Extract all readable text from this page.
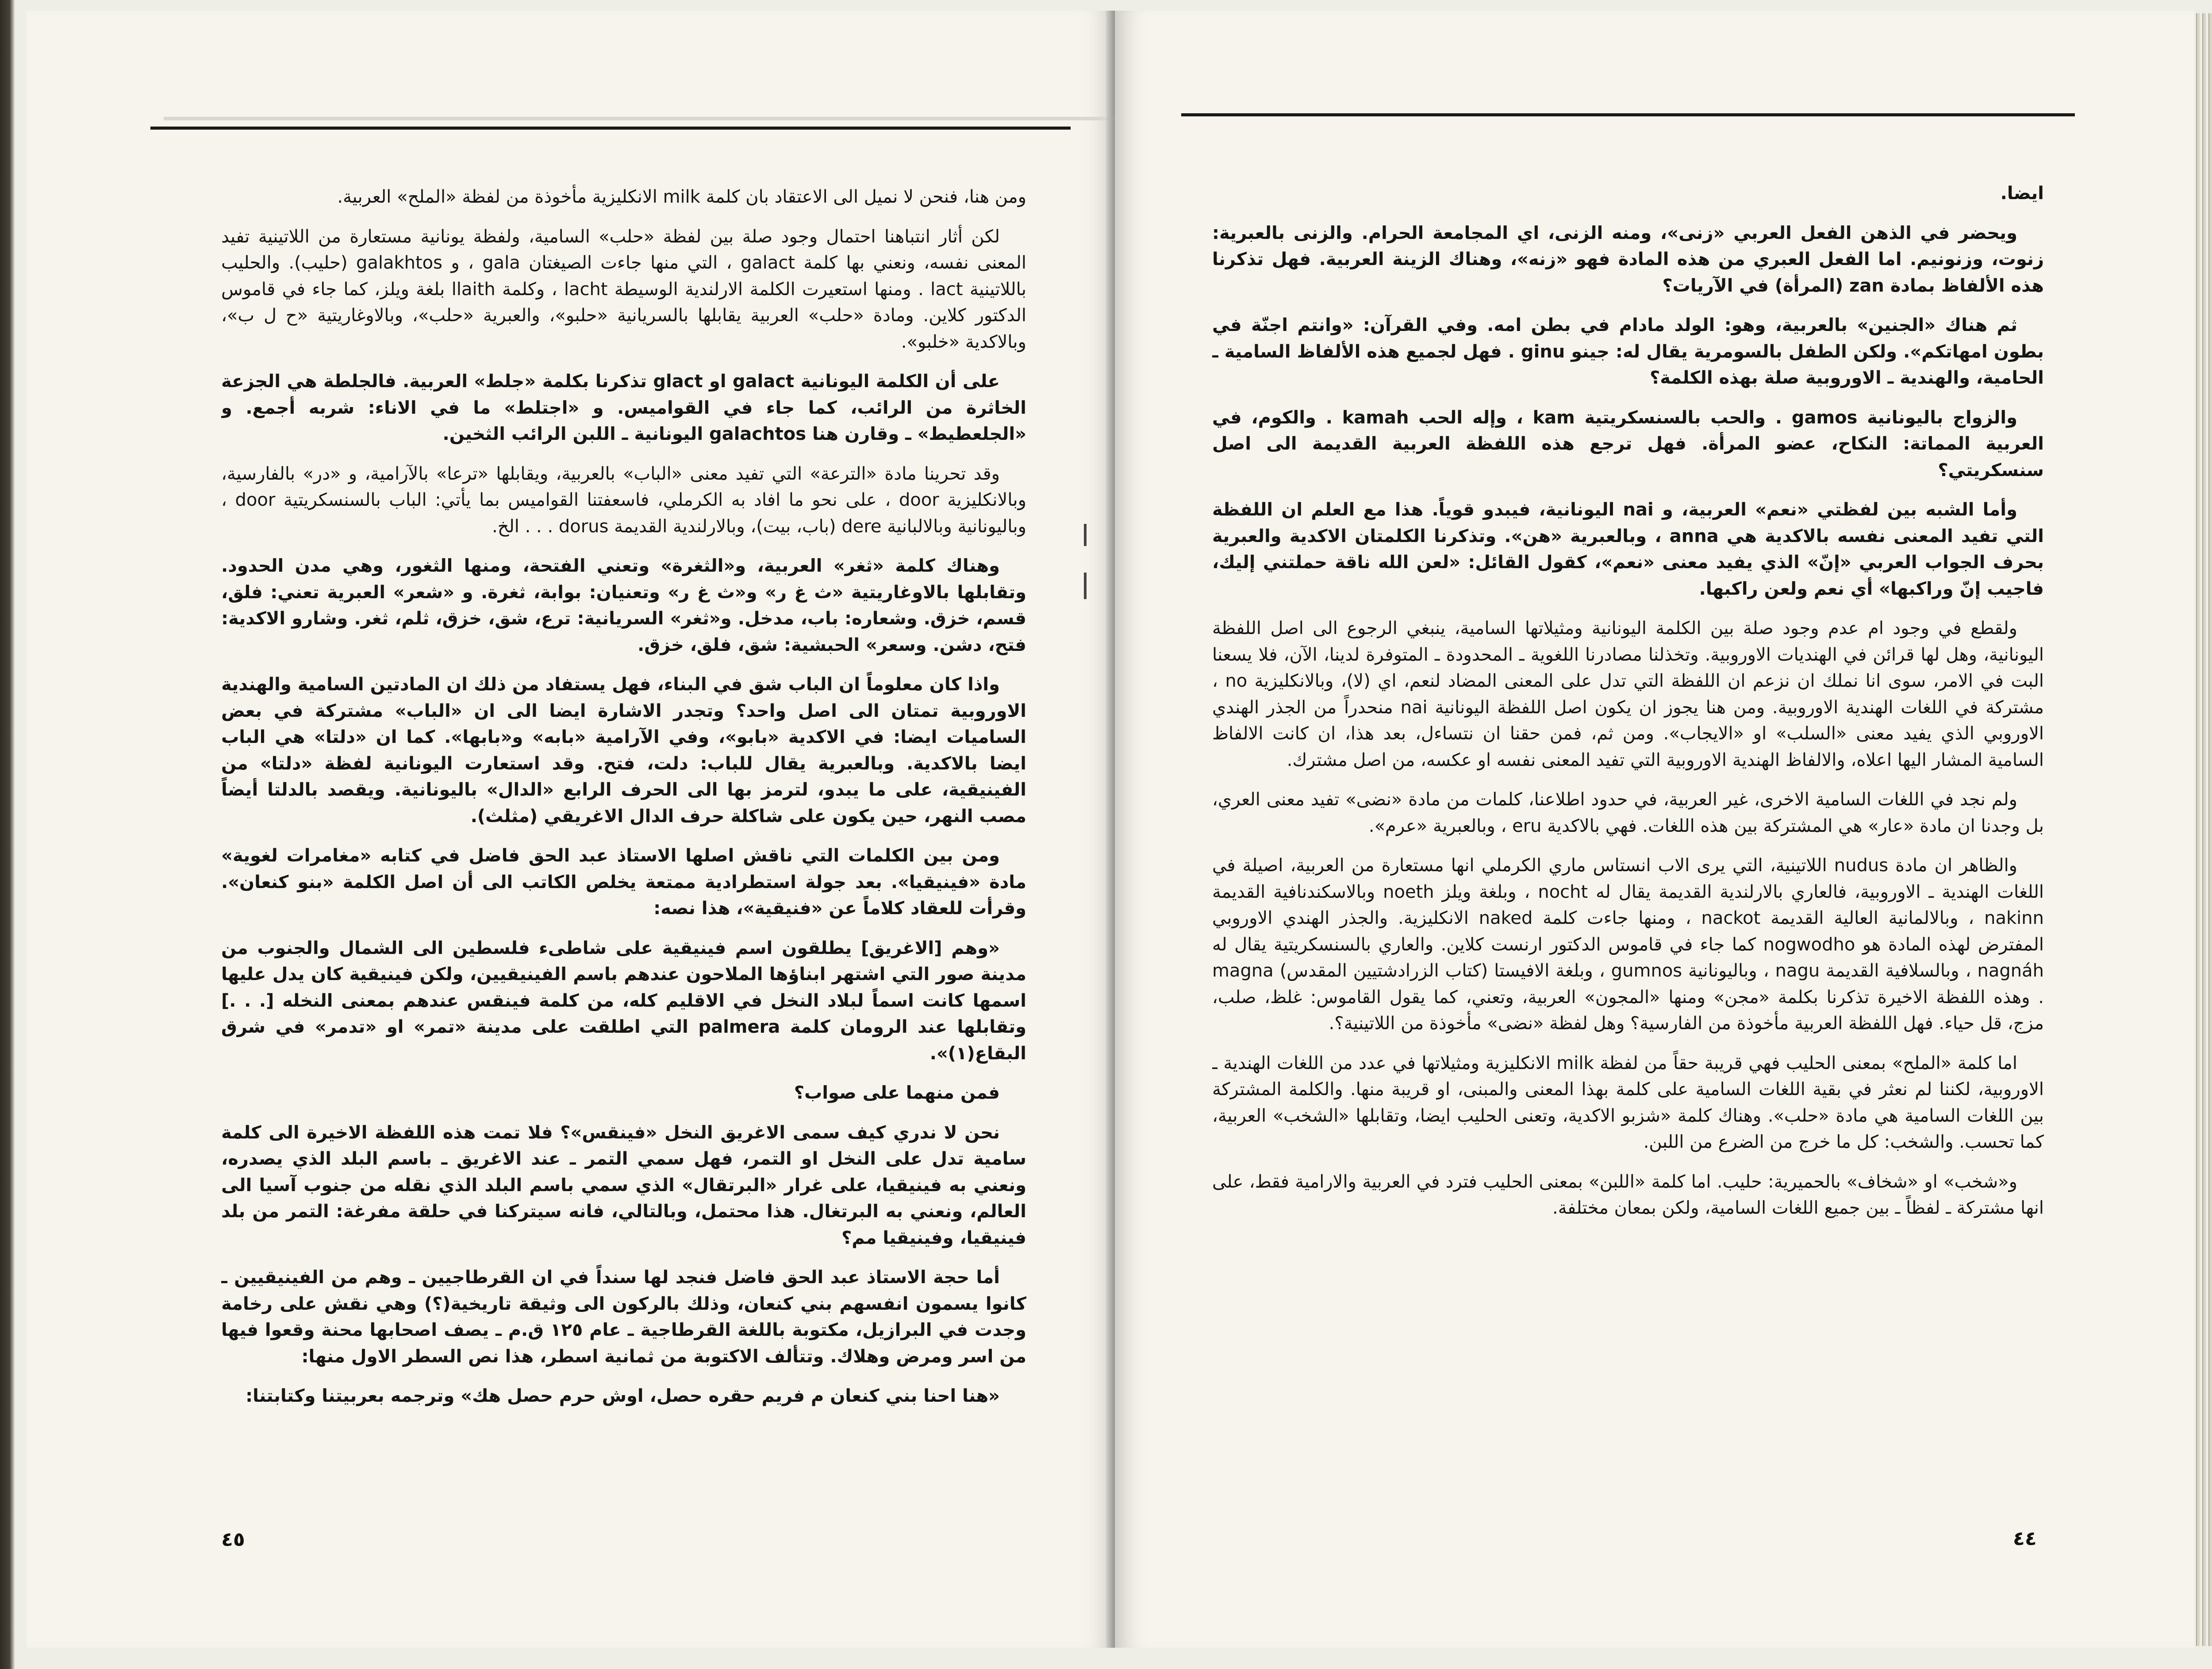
ومن هنا، فنحن لا نميل الى الاعتقاد بان كلمة milk الانكليزية مأخوذة من لفظة «الملح» العربية.

لكن أثار انتباهنا احتمال وجود صلة بين لفظة «حلب» السامية، ولفظة يونانية مستعارة من اللاتينية تفيد المعنى نفسه، ونعني بها كلمة galact ، التي منها جاءت الصيغتان gala ، و galakhtos (حليب). والحليب باللاتينية lact . ومنها استعيرت الكلمة الارلندية الوسيطة lacht ، وكلمة llaith بلغة ويلز، كما جاء في قاموس الدكتور كلاين. ومادة «حلب» العربية يقابلها بالسريانية «حلبو»، والعبرية «حلب»، وبالاوغاريتية «ح ل ب»، وبالاكدية «خلبو».

على أن الكلمة اليونانية galact او glact تذكرنا بكلمة «جلط» العربية. فالجلطة هي الجزعة الخاثرة من الرائب، كما جاء في القواميس. و «اجتلط» ما في الاناء: شربه أجمع. و «الجلعطيط» ـ وقارن هنا galachtos اليونانية ـ اللبن الرائب الثخين.

وقد تحرينا مادة «الترعة» التي تفيد معنى «الباب» بالعربية، ويقابلها «ترعا» بالآرامية، و «در» بالفارسية، وبالانكليزية door ، على نحو ما افاد به الكرملي، فاسعفتنا القواميس بما يأتي: الباب بالسنسكريتية door ، وباليونانية وبالالبانية dere (باب، بيت)، وبالارلندية القديمة dorus . . . الخ.

وهناك كلمة «ثغر» العربية، و«الثغرة» وتعني الفتحة، ومنها الثغور، وهي مدن الحدود. وتقابلها بالاوغاريتية «ث غ ر» و«ث غ ر» وتعنيان: بوابة، ثغرة. و «شعر» العبرية تعني: فلق، قسم، خزق. وشعاره: باب، مدخل. و«ثغر» السريانية: ترع، شق، خزق، ثلم، ثغر. وشارو الاكدية: فتح، دشن. وسعر» الحبشية: شق، فلق، خزق.

واذا كان معلوماً ان الباب شق في البناء، فهل يستفاد من ذلك ان المادتين السامية والهندية الاوروبية تمتان الى اصل واحد؟ وتجدر الاشارة ايضا الى ان «الباب» مشتركة في بعض الساميات ايضا: في الاكدية «بابو»، وفي الآرامية «بابه» و«بابها». كما ان «دلتا» هي الباب ايضا بالاكدية. وبالعبرية يقال للباب: دلت، فتح. وقد استعارت اليونانية لفظة «دلتا» من الفينيقية، على ما يبدو، لترمز بها الى الحرف الرابع «الدال» باليونانية. ويقصد بالدلتا أيضاً مصب النهر، حين يكون على شاكلة حرف الدال الاغريقي (مثلث).

ومن بين الكلمات التي ناقش اصلها الاستاذ عبد الحق فاضل في كتابه «مغامرات لغوية» مادة «فينيقيا». بعد جولة استطرادية ممتعة يخلص الكاتب الى أن اصل الكلمة «بنو كنعان». وقرأت للعقاد كلاماً عن «فنيقية»، هذا نصه:

«وهم [الاغريق] يطلقون اسم فينيقية على شاطىء فلسطين الى الشمال والجنوب من مدينة صور التي اشتهر ابناؤها الملاحون عندهم باسم الفينيقيين، ولكن فينيقية كان يدل عليها اسمها كانت اسماً لبلاد النخل في الاقليم كله، من كلمة فينقس عندهم بمعنى النخله [. . .] وتقابلها عند الرومان كلمة palmera التي اطلقت على مدينة «تمر» او «تدمر» في شرق البقاع(١)».

فمن منهما على صواب؟

نحن لا ندري كيف سمى الاغريق النخل «فينقس»؟ فلا تمت هذه اللفظة الاخيرة الى كلمة سامية تدل على النخل او التمر، فهل سمي التمر ـ عند الاغريق ـ باسم البلد الذي يصدره، ونعني به فينيقيا، على غرار «البرتقال» الذي سمي باسم البلد الذي نقله من جنوب آسيا الى العالم، ونعني به البرتغال. هذا محتمل، وبالتالي، فانه سيتركنا في حلقة مفرغة: التمر من بلد فينيقيا، وفينيقيا مم؟

أما حجة الاستاذ عبد الحق فاضل فنجد لها سنداً في ان القرطاجيين ـ وهم من الفينيقيين ـ كانوا يسمون انفسهم بني كنعان، وذلك بالركون الى وثيقة تاريخية(؟) وهي نقش على رخامة وجدت في البرازيل، مكتوبة باللغة القرطاجية ـ عام ١٢٥ ق.م ـ يصف اصحابها محنة وقعوا فيها من اسر ومرض وهلاك. وتتألف الاكتوبة من ثمانية اسطر، هذا نص السطر الاول منها:

«هنا احنا بني كنعان م فريم حقره حصل، اوش حرم حصل هك» وترجمه بعربيتنا وكتابتنا:

٤٥

ايضا.

ويحضر في الذهن الفعل العربي «زنى»، ومنه الزنى، اي المجامعة الحرام. والزنى بالعبرية: زنوت، وزنونيم. اما الفعل العبري من هذه المادة فهو «زنه»، وهناك الزينة العربية. فهل تذكرنا هذه الألفاظ بمادة zan (المرأة) في الآريات؟

ثم هناك «الجنين» بالعربية، وهو: الولد مادام في بطن امه. وفي القرآن: «وانتم اجنّة في بطون امهاتكم». ولكن الطفل بالسومرية يقال له: جينو ginu . فهل لجميع هذه الألفاظ السامية ـ الحامية، والهندية ـ الاوروبية صلة بهذه الكلمة؟

والزواج باليونانية gamos . والحب بالسنسكريتية kam ، وإله الحب kamah . والكوم، في العربية المماتة: النكاح، عضو المرأة. فهل ترجع هذه اللفظة العربية القديمة الى اصل سنسكريتي؟

وأما الشبه بين لفظتي «نعم» العربية، و nai اليونانية، فيبدو قوياً. هذا مع العلم ان اللفظة التي تفيد المعنى نفسه بالاكدية هي anna ، وبالعبرية «هن». وتذكرنا الكلمتان الاكدية والعبرية بحرف الجواب العربي «إنّ» الذي يفيد معنى «نعم»، كقول القائل: «لعن الله ناقة حملتني إليك، فاجيب إنّ وراكبها» أي نعم ولعن راكبها.

ولقطع في وجود ام عدم وجود صلة بين الكلمة اليونانية ومثيلاتها السامية، ينبغي الرجوع الى اصل اللفظة اليونانية، وهل لها قرائن في الهنديات الاوروبية. وتخذلنا مصادرنا اللغوية ـ المحدودة ـ المتوفرة لدينا، الآن، فلا يسعنا البت في الامر، سوى انا نملك ان نزعم ان اللفظة التي تدل على المعنى المضاد لنعم، اي (لا)، وبالانكليزية no ، مشتركة في اللغات الهندية الاوروبية. ومن هنا يجوز ان يكون اصل اللفظة اليونانية nai منحدراً من الجذر الهندي الاوروبي الذي يفيد معنى «السلب» او «الايجاب». ومن ثم، فمن حقنا ان نتساءل، بعد هذا، ان كانت الالفاظ السامية المشار اليها اعلاه، والالفاظ الهندية الاوروبية التي تفيد المعنى نفسه او عكسه، من اصل مشترك.

ولم نجد في اللغات السامية الاخرى، غير العربية، في حدود اطلاعنا، كلمات من مادة «نضى» تفيد معنى العري، بل وجدنا ان مادة «عار» هي المشتركة بين هذه اللغات. فهي بالاكدية eru ، وبالعبرية «عرم».

والظاهر ان مادة nudus اللاتينية، التي يرى الاب انستاس ماري الكرملي انها مستعارة من العربية، اصيلة في اللغات الهندية ـ الاوروبية، فالعاري بالارلندية القديمة يقال له nocht ، وبلغة ويلز noeth وبالاسكندنافية القديمة nakinn ، وبالالمانية العالية القديمة nackot ، ومنها جاءت كلمة naked الانكليزية. والجذر الهندي الاوروبي المفترض لهذه المادة هو nogwodho كما جاء في قاموس الدكتور ارنست كلاين. والعاري بالسنسكريتية يقال له nagnáh ، وبالسلافية القديمة nagu ، وباليونانية gumnos ، وبلغة الافيستا (كتاب الزرادشتيين المقدس) magna . وهذه اللفظة الاخيرة تذكرنا بكلمة «مجن» ومنها «المجون» العربية، وتعني، كما يقول القاموس: غلظ، صلب، مزج، قل حياء. فهل اللفظة العربية مأخوذة من الفارسية؟ وهل لفظة «نضى» مأخوذة من اللاتينية؟.

اما كلمة «الملح» بمعنى الحليب فهي قريبة حقاً من لفظة milk الانكليزية ومثيلاتها في عدد من اللغات الهندية ـ الاوروبية، لكننا لم نعثر في بقية اللغات السامية على كلمة بهذا المعنى والمبنى، او قريبة منها. والكلمة المشتركة بين اللغات السامية هي مادة «حلب». وهناك كلمة «شزبو الاكدية، وتعنى الحليب ايضا، وتقابلها «الشخب» العربية، كما تحسب. والشخب: كل ما خرج من الضرع من اللبن.

و«شخب» او «شخاف» بالحميرية: حليب. اما كلمة «اللبن» بمعنى الحليب فترد في العربية والارامية فقط، على انها مشتركة ـ لفظاً ـ بين جميع اللغات السامية، ولكن بمعان مختلفة.

٤٤
